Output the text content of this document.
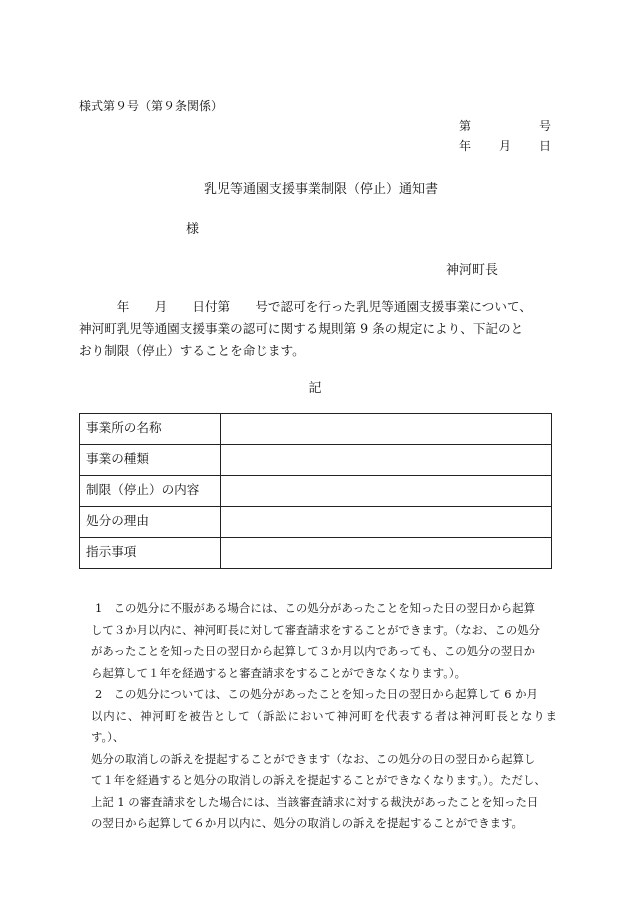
様式第９号（第９条関係）
第	号
年 月 日
乳児等通園支援事業制限（停止）通知書
様
神河町長
　　　年　　月　　日付第　　号で認可を行った乳児等通園支援事業について、
神河町乳児等通園支援事業の認可に関する規則第 9 条の規定により、下記のと
おり制限（停止）することを命じます。
記
事業所の名称	
事業の種類	
制限（停止）の内容	
処分の理由	
指示事項	

1　この処分に不服がある場合には、この処分があったことを知った日の翌日から起算

して３か月以内に、神河町長に対して審査請求をすることができます。（なお、この処分

があったことを知った日の翌日から起算して３か月以内であっても、この処分の翌日か

ら起算して１年を経過すると審査請求をすることができなくなります。）。

2　この処分については、この処分があったことを知った日の翌日から起算して 6 か月

以内に、神河町を被告として（訴訟において神河町を代表する者は神河町長となります。）、

処分の取消しの訴えを提起することができます（なお、この処分の日の翌日から起算し

て１年を経過すると処分の取消しの訴えを提起することができなくなります。）。ただし、

上記 1 の審査請求をした場合には、当該審査請求に対する裁決があったことを知った日

の翌日から起算して６か月以内に、処分の取消しの訴えを提起することができます。
